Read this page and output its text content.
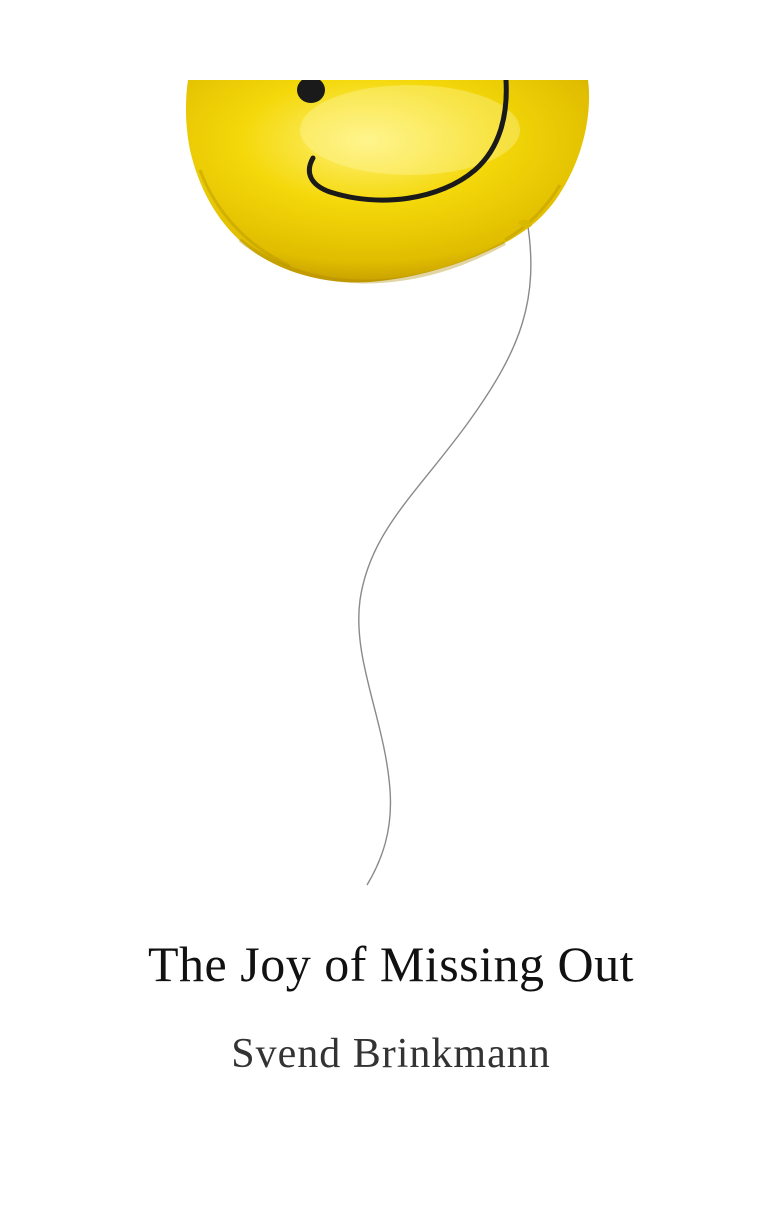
The Joy of Missing Out
Svend Brinkmann
